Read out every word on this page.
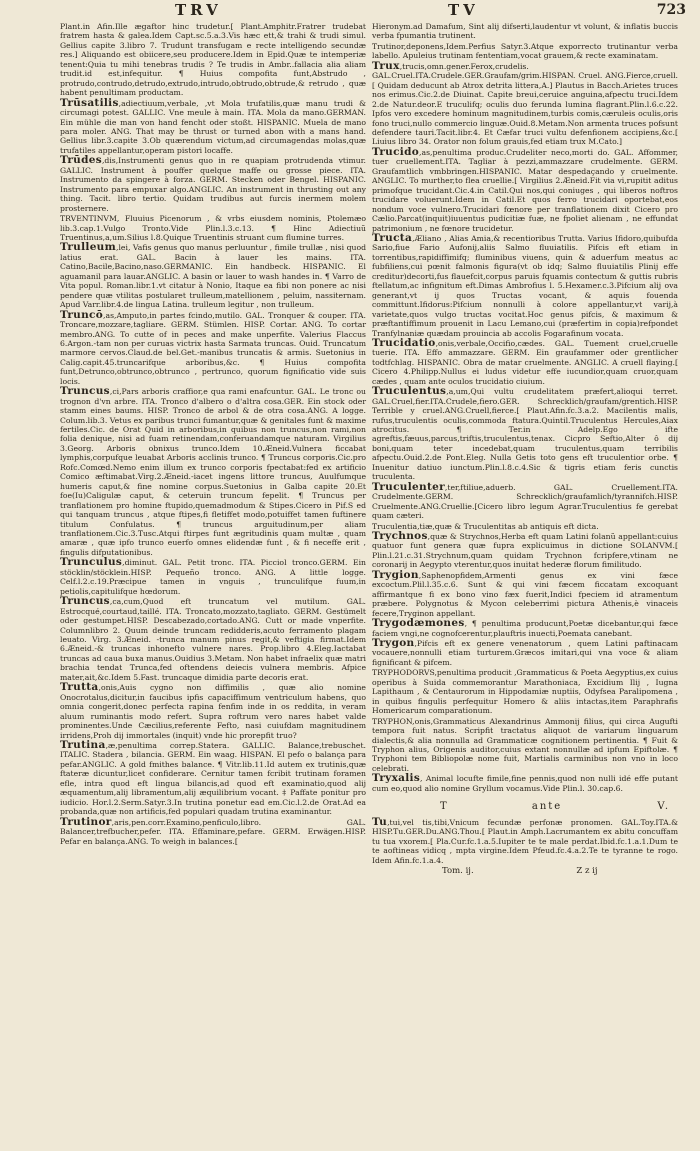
TRV	TV	723

Plant.in Afin.Ille ægaftor hinc trudetur.[ Plant.Amphitr.Fratrer trudebat fratrem hasta & galea.Idem Capt.sc.5.a.3.Vis hæc ett,& trahi & trudi simul. Gellius capite 3.libro 7. Trudunt transfugam e recte intelligendo secundæ res.] Aliquando est obiicere,seu producere.Idem in Epid.Quæ te intemperiæ tenent:Quia tu mihi tenebras trudis ? Te trudis in Ambr..fallacia alia aliam trudit.id est,infequitur. ¶ Huius compofita funt,Abstrudo , protrudo,contrudo,detrudo,extrudo,intrudo,obtrudo,obtrude,& retrudo , quæ habent penultimam productam.

Trūsatilis,adiectiuum,verbale, ,vt Mola trufatilis,quæ manu trudi & circumagi potest. GALLIC. Vne meule à main. ITA. Mola da mano.GERMAN. Ein mühle die man von hand fencht oder stoßt. HISPANIC. Muela de mano para moler. ANG. That may be thrust or turned abon with a mans hand. Gellius libr.3.capite 3.Ob quærendum victum,ad circumagendas molas,quæ trufatiles appellantur,operam pistori locaffe.

Trūdes,dis,Instrumenti genus quo in re quapiam protrudenda vtimur. GALLIC. Instrument à pouffer quelque maffe ou grosse piece. ITA. Instrumento da spingere à forza. GERM. Stecken oder Bengel. HISPANIC. Instrumento para empuxar algo.ANGLIC. An instrument in thrusting out any thing. Tacit. libro tertio. Quidam trudibus aut furcis inermem molem prosternere.

TRVENTINVM, Fluuius Picenorum , & vrbs eiusdem nominis, Ptolemæo lib.3.cap.1.Vulgo Tronto.Vide Plin.l.3.c.13. ¶ Hinc Adiectiuũ Truentinus,a,um.Silius l.8.Quique Truentinis struant cum flumine turres.

Trulleum,lei, Vafis genus quo manus perluuntur , fimile trullæ , nisi quod latius erat. GAL. Bacin à lauer les mains. ITA. Catino,Bacile,Bacino,naso.GERMANIC. Ein handbeck. HISPANIC. El aguamanil para lauar.ANGLIC. A basin or lauer to wash handes in. ¶ Varro de Vita popul. Roman.libr.1.vt citatur à Nonio, Itaque ea fibi non ponere ac nisi pendere quæ vtilitas postularet trulleum,matellionem , peluim, nassiternam. Apud Varr.libr.4.de lingua Latina. trulleum legitur , non trulleum.

Truncō,as,Amputo,in partes fcindo,mutilo. GAL. Tronquer & couper. ITA. Troncare,mozzare,tagliare. GERM. Stümlen. HISP. Cortar. ANG. To cortar membro.ANG. To cutte of in peces and make unperfite. Valerius Flaccus 6.Argon.-tam non per curuas victrix hasta Sarmata truncas. Ouid. Truncatum marmore cervos.Claud.de bel.Get.-manibus truncatis & armis. Suetonius in Calig.capit.45.truncarifque arboribus,&c. ¶ Huius compofita funt,Detrunco,obtrunco,obtrunco , pertrunco, quorum fignificatio vide suis locis.

Truncus,ci,Pars arboris craffior,e qua rami enafcuntur. GAL. Le tronc ou trognon d'vn arbre. ITA. Tronco d'albero o d'altra cosa.GER. Ein stock oder stamm eines baums. HISP. Tronco de arbol & de otra cosa.ANG. A logge. Colum.lib.3. Vetus ex paribus trunci fumantur,quæ & genitales funt & maxime fertiles.Cic. de Orat Quid in arboribus,in quibus non truncus,non rami,non folia denique, nisi ad fuam retinendam,conferuandamque naturam. Virgilius 3.Georg. Arboris obnixus trunco.Idem 10.Æneid.Vulnera ficcabat lymphis,corpufque leuabat Arboris acclinis trunco. ¶ Truncus corporis.Cic.pro Rofc.Comœd.Nemo enim illum ex trunco corporis fpectabat:fed ex artificio Comico æftimabat.Virg.2.Æneid.-iacet ingens littore truncus, Auulfumque humeris caput,& fine nomine corpus.Suetonius in Galba capite 20.Et foe(Iu)Caligulæ caput, & ceteruin truncum fepelit. ¶ Truncus per tranflationem pro homine ftupido,quemadmodum & Stipes.Cicero in Pif.S ed qui tanquam truncus , atque ftipes,fi fletiffet modo,potuiffet tamen fuftinere titulum Confulatus. ¶ truncus arguitudinum,per aliam tranflationem.Cic.3.Tusc.Atqui ftirpes funt ægritudinis quam multæ , quam amaræ , quæ ipfo trunco euerfo omnes elidendæ funt , & fi neceffe erit , fingulis difputationibus.

Trunculus,diminut. GAL. Petit tronc. ITA. Picciol tronco.GERM. Ein stöcklin/stöcklein.HISP. Pequeño tronco. ANG. A little logge. Celf.l.2.c.19.Præcipue tamen in vnguis , trunculifque fuum,in petiolis,capitulifque hœdorum.

Truncus,ca,cum,Quod eft truncatum vel mutilum. GAL. Estrocqué,courtaud,taillé. ITA. Troncato,mozzato,tagliato. GERM. Gestümelt oder gestumpet.HISP. Descabezado,cortado.ANG. Cutt or made vnperfite. Columnlibro 2. Quum deinde truncam redidderis,acuto ferramento plagam leuato. Virg. 3.Æneid. -trunca manum pinus regit,& veftigia firmat.Idem 6.Æneid.-& truncas inhonefto vulnere nares. Prop.libro 4.Eleg.Iactabat truncas ad caua buxa manus.Ouidius 3.Metam. Non habet infraelix quæ matri brachia tendat Trunca,fed oftendens deiecis vulnera membris. Afpice mater,ait,&c.Idem 5.Fast. truncaque dimidia parte decoris erat.

Trutta,onis,Auis cygno non diffimilis , quæ alio nomine Onocrotalus,dicitur,in faucibus ipfis capaciffimum ventriculum habens, quo omnia congerit,donec perfecta rapina fenfim inde in os reddita, in veram aluum ruminantis modo refert. Supra roftrum vero nares habet valde prominentes.Unde Cæcilius,referente Fefto, nasi cuiufdam magnitudinem irridens,Proh dij immortales (inquit) vnde hic prorepfit truo?

Trutina,æ,penultima correp.Statera. GALLIC. Balance,trebuschet. ITALIC. Stadera , bilancia. GERM. Ein waag. HISPAN. El pefo o balança para pefar.ANGLIC. A gold fmithes balance. ¶ Vitr.lib.11.Id autem ex trutinis,quæ ftateræ dicuntur,licet confiderare. Cernitur tamen fcribit trutinam foramen efle, intra quod eft lingua bilancis,ad quod eft examinatio,quod alij æquamentum,alij libramentum,alij æquilibrium vocant. ‡ Paffate ponitur pro iudicio. Hor.l.2.Serm.Satyr.3.In trutina ponetur ead em.Cic.l.2.de Orat.Ad ea probanda,quæ non artificis,fed populari quadam trutina examinantur.

Trutinor,aris,pen.corr.Examino,penficulo,libro. GAL. Balancer,trefbucher,pefer. ITA. Effaminare,pefare. GERM. Erwägen.HISP. Pefar en balança.ANG. To weigh in balances.[

Hieronym.ad Damafum, Sint alij difserti,laudentur vt volunt, & inflatis buccis verba fpumantia trutinent.

Trutinor,deponens,Idem.Perfius Satyr.3.Atque exporrecto trutinantur verba labello. Apuleius trutinam fententiam,vocat grauem,& recte examinatam.

Trux,trucis,omn.gener.Ferox,crudelis. GAL.Cruel.ITA.Crudele.GER.Graufam/grim.HISPAN. Cruel. ANG.Fierce,cruell.[ Quidam deducunt ab Atrox detrita littera,A.] Plautus in Bacch.Arietes truces nos erimus.Cic.2.de Diuinat. Capite breui,ceruice anguina,afpectu truci.Idem 2.de Natur.deor.E truculifq; oculis duo ferunda lumina flagrant.Plin.l.6.c.22. Ipfos vero excedere hominum magnitudinem,turbis comis,cæruleis oculis,oris fono truci,nullo commercio linguæ.Ouid.8.Metam.Non armenta truces pofsunt defendere tauri.Tacit.libr.4. Et Cæfar truci vultu defenfionem accipiens,&c.[ Liuius libro 34. Orator non folum grauis,fed etiam trux M.Cato.]

Trucido,as,penultima produc.Crudeliter neco,morti do. GAL. Affommer, tuer cruellement.ITA. Tagliar à pezzi,ammazzare crudelmente. GERM. Graufamtlich vmbbringen.HISPANIC. Matar despedaçando y cruelmente. ANGLIC. To murther,to flea cruellie.[ Virgilius 2.Æneid.Fit via vi,rupitit aditus primofque trucidant.Cic.4.in Catil.Qui nos,qui coniuges , qui liberos noftros trucidare voluerunt.Idem in Catil.Et quos ferro trucidari oportebat,eos nondum voce vulnero.Trucidari fœnore per tranflationem dixit Cicero pro Cælio.Parcat(inquit)iuuentus pudicitiæ fuæ, ne fpoliet alienam , ne effundat patrimonium , ne fœnore trucidetur.

Tructa,Æliano , Alias Amia,& recentioribus Trutta. Varius Ifidoro,quibufda Sario,fiue Fario Aufonij,aliis Salmo fluuiatilis. Pifcis eft etiam in torrentibus,rapidiffimifq; fluminibus viuens, quin & aduerfum meatus ac fubfiliens,cui pœnit falmonis figura(vt ob idq; Salmo fluuiatilis Plinij effe creditur)decorti,fus flauefcit,corpus paruis fquamis contectum & guttis rubris ftellatum,ac infignitum eft.Dimas Ambrofius l. 5.Hexamer.c.3.Pifcium alij ova generant,vt ij quos Tructas vocant, & aquis fouenda committunt.Ifidorus:Pifcium nonnulli à colore appellantur,vt varij,à varietate,quos vulgo tructas vocitat.Hoc genus pifcis, & maximum & præftantiffimum prouenit in Lacu Lemano,cui (præfertim in copia)refpondet Tranfylnaniæ quædam prouincia ab accolis Fogarafinum vocata.

Trucidatio,onis,verbale,Occifio,cædes. GAL. Tuement cruel,cruelle tuerie. ITA. Effo ammazzare. GERM. Ein graufammer oder grentlicher todtfchlag. HISPANIC. Obra de matar cruelmente. ANGLIC. A cruell flaying.[ Cicero 4.Philipp.Nullus ei ludus videtur effe iucundior,quam cruor,quam cædes , quam ante oculos trucidatio ciuium.

Truculentus,a,um,Qui vultu crudelitatem præfert,alioqui terret. GAL.Cruel,fier.ITA.Crudele,fiero.GER. Schrecklich/graufam/grentich.HISP. Terrible y cruel.ANG.Cruell,fierce.[ Plaut.Afin.fc.3.a.2. Macilentis malis, rufus,truculentis oculis,commoda ftatura.Quintil.Truculentus Hercules,Aiax atrocitus. ¶ Ter.in Adelp.Ego ifte agreftis,fæuus,parcus,triftis,truculentus,tenax. Cicpro Seftio,Alter ô dij boni,quam teter incedebat,quam truculentus,quam terribilis afpectu.Ouid.2.de Pont.Eleg. Nulla Getis toto gens eft truculentior orbe. ¶ Inuenitur datiuo iunctum.Plin.l.8.c.4.Sic & tigris etiam feris cunctis truculenta.

Truculenter,ter,ftiliue,aduerb. GAL. Cruellement.ITA. Crudelmente.GERM. Schrecklich/graufamlich/tyrannifch.HISP. Cruelmente.ANG.Cruellie.[Cicero libro legum Agrar.Truculentius fe gerebat quam cæteri.

Truculentia,tiæ,quæ & Truculentitas ab antiquis eft dicta.

Trychnos,quæ & Strychnos,Herba eft quam Latini folanũ appellant:cuius quatuor funt genera quæ fupra explicuimus in dictione SOLANVM.[ Plin.l.21.c.31.Strychnum,quam quidam Trychnon fcripfere,vtinam ne coronarij in Aegypto vterentur,quos inuitat hederæ florum fimilitudo.

Trygion,Saphenopfidem,Armenti genus ex vini fæce excoctum.Plil.l.35.c.6. Sunt & qui vini fæcem ficcatam excoquant affirmantque fi ex bono vino fæx fuerit,Indici fpeciem id atramentum præbere. Polygnotus & Mycon celeberrimi pictura Athenis,è vinaceis fecere,Tryginon appellant.

Trygodæmones, ¶ penultima producunt,Poetæ dicebantur,qui fæce faciem vngi,ne cognofcerentur,plauftris inuecti,Poemata canebant.

Trygon,Pifcis eft ex genere venenatorum , quem Latini paftinacam vocauere,nonnulli etiam turturem.Græcos imitari,qui vna voce & aliam fignificant & pifcem.

TRYPHODORVS,penultima producit ,Grammaticus & Poeta Aegyptius,ex cuius operibus à Suida commemorantur Marathoniaca, Excidium Ilij , Iugna Lapithaum , & Centaurorum in Hippodamiæ nuptiis, Odyfsea Paralipomena , in quibus fingulis perfequitur Homero & aliis intactas,item Paraphrafis Homericarum comparationum.

TRYPHON,onis,Grammaticus Alexandrinus Ammonij filius, qui circa Augufti tempora fuit natus. Scripfit tractatus aliquot de variarum linguarum dialectis,& alia nonnulla ad Grammaticæ cognitionem pertinentia. ¶ Fuit & Tryphon alius, Origenis auditor,cuius extant nonnullæ ad ipfum Epiftolæ. ¶ Tryphoni tem Bibliopolæ nome fuit, Martialis carminibus non vno in loco celebrati.

Tryxalis, Animal locufte fimile,fine pennis,quod non nulli idé effe putant cum eo,quod alio nomine Gryllum vocamus.Vide Plin.l. 30.cap.6.

T	ante	V.

Tu,tui,vel tis,tibi,Vnicum fecundæ perfonæ pronomen. GAL.Toy.ITA.& HISP.Tu.GER.Du.ANG.Thou.[ Plaut.in Amph.Lacrumantem ex abitu concuffam tu tua vxorem.[ Pla.Cur.fc.1.a.5.Iupiter te te male perdat.Ibid.fc.1.a.1.Dum te te aoftineas vidicq , mpta virgine.Idem Pfeud.fc.4.a.2.Te te tyranne te rogo. Idem Afin.fc.1.a.4.

Tom. ij.	Z z ij
